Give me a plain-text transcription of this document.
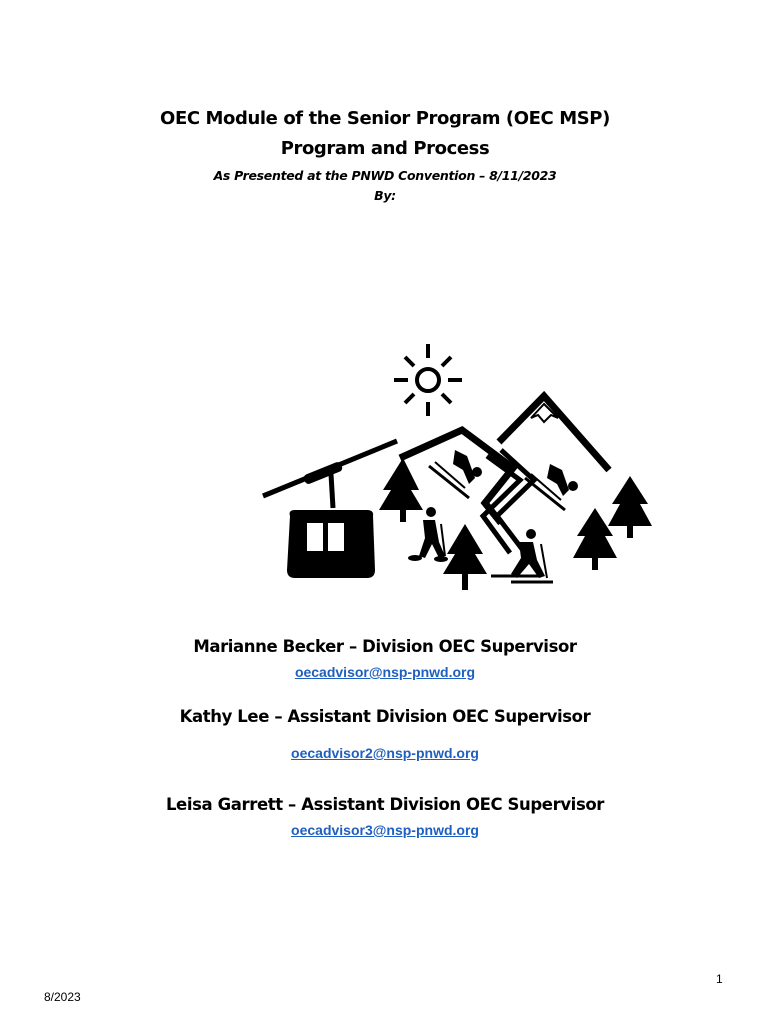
OEC Module of the Senior Program (OEC MSP)
Program and Process
As Presented at the PNWD Convention – 8/11/2023
By:
Marianne Becker – Division OEC Supervisor
oecadvisor@nsp-pnwd.org
Kathy Lee – Assistant Division OEC Supervisor
oecadvisor2@nsp-pnwd.org
Leisa Garrett – Assistant Division OEC Supervisor
oecadvisor3@nsp-pnwd.org
1
8/2023
